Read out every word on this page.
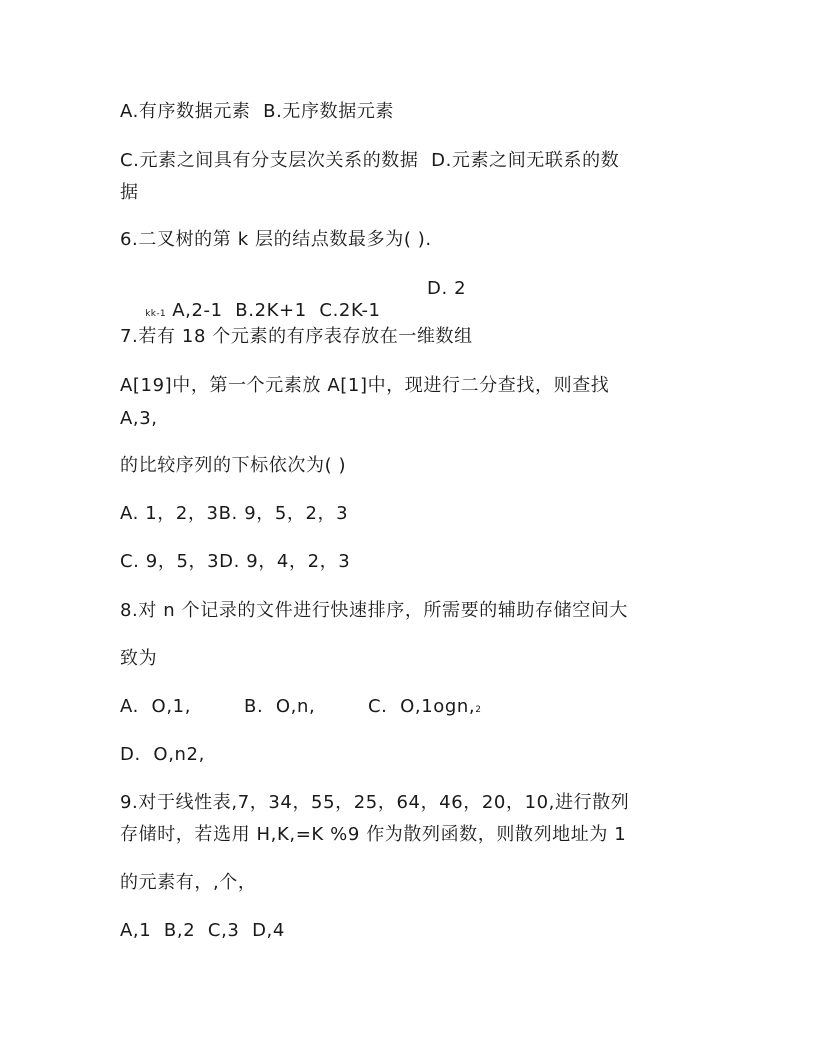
A.有序数据元素  B.无序数据元素
C.元素之间具有分支层次关系的数据  D.元素之间无联系的数
据
6.二叉树的第 k 层的结点数最多为( ).

kk-1 A,2-1  B.2K+1  C.2K-1

D. 2
7.若有 18 个元素的有序表存放在一维数组
A[19]中，第一个元素放 A[1]中，现进行二分查找，则查找
A,3,
的比较序列的下标依次为( )
A. 1，2，3B. 9，5，2，3
C. 9，5，3D. 9，4，2，3
8.对 n 个记录的文件进行快速排序，所需要的辅助存储空间大
致为
A.  O,1,	B.  O,n,	C.  O,1ogn,2
D.  O,n2,
9.对于线性表,7，34，55，25，64，46，20，10,进行散列
存储时，若选用 H,K,=K %9 作为散列函数，则散列地址为 1
的元素有，,个，
A,1  B,2  C,3  D,4
